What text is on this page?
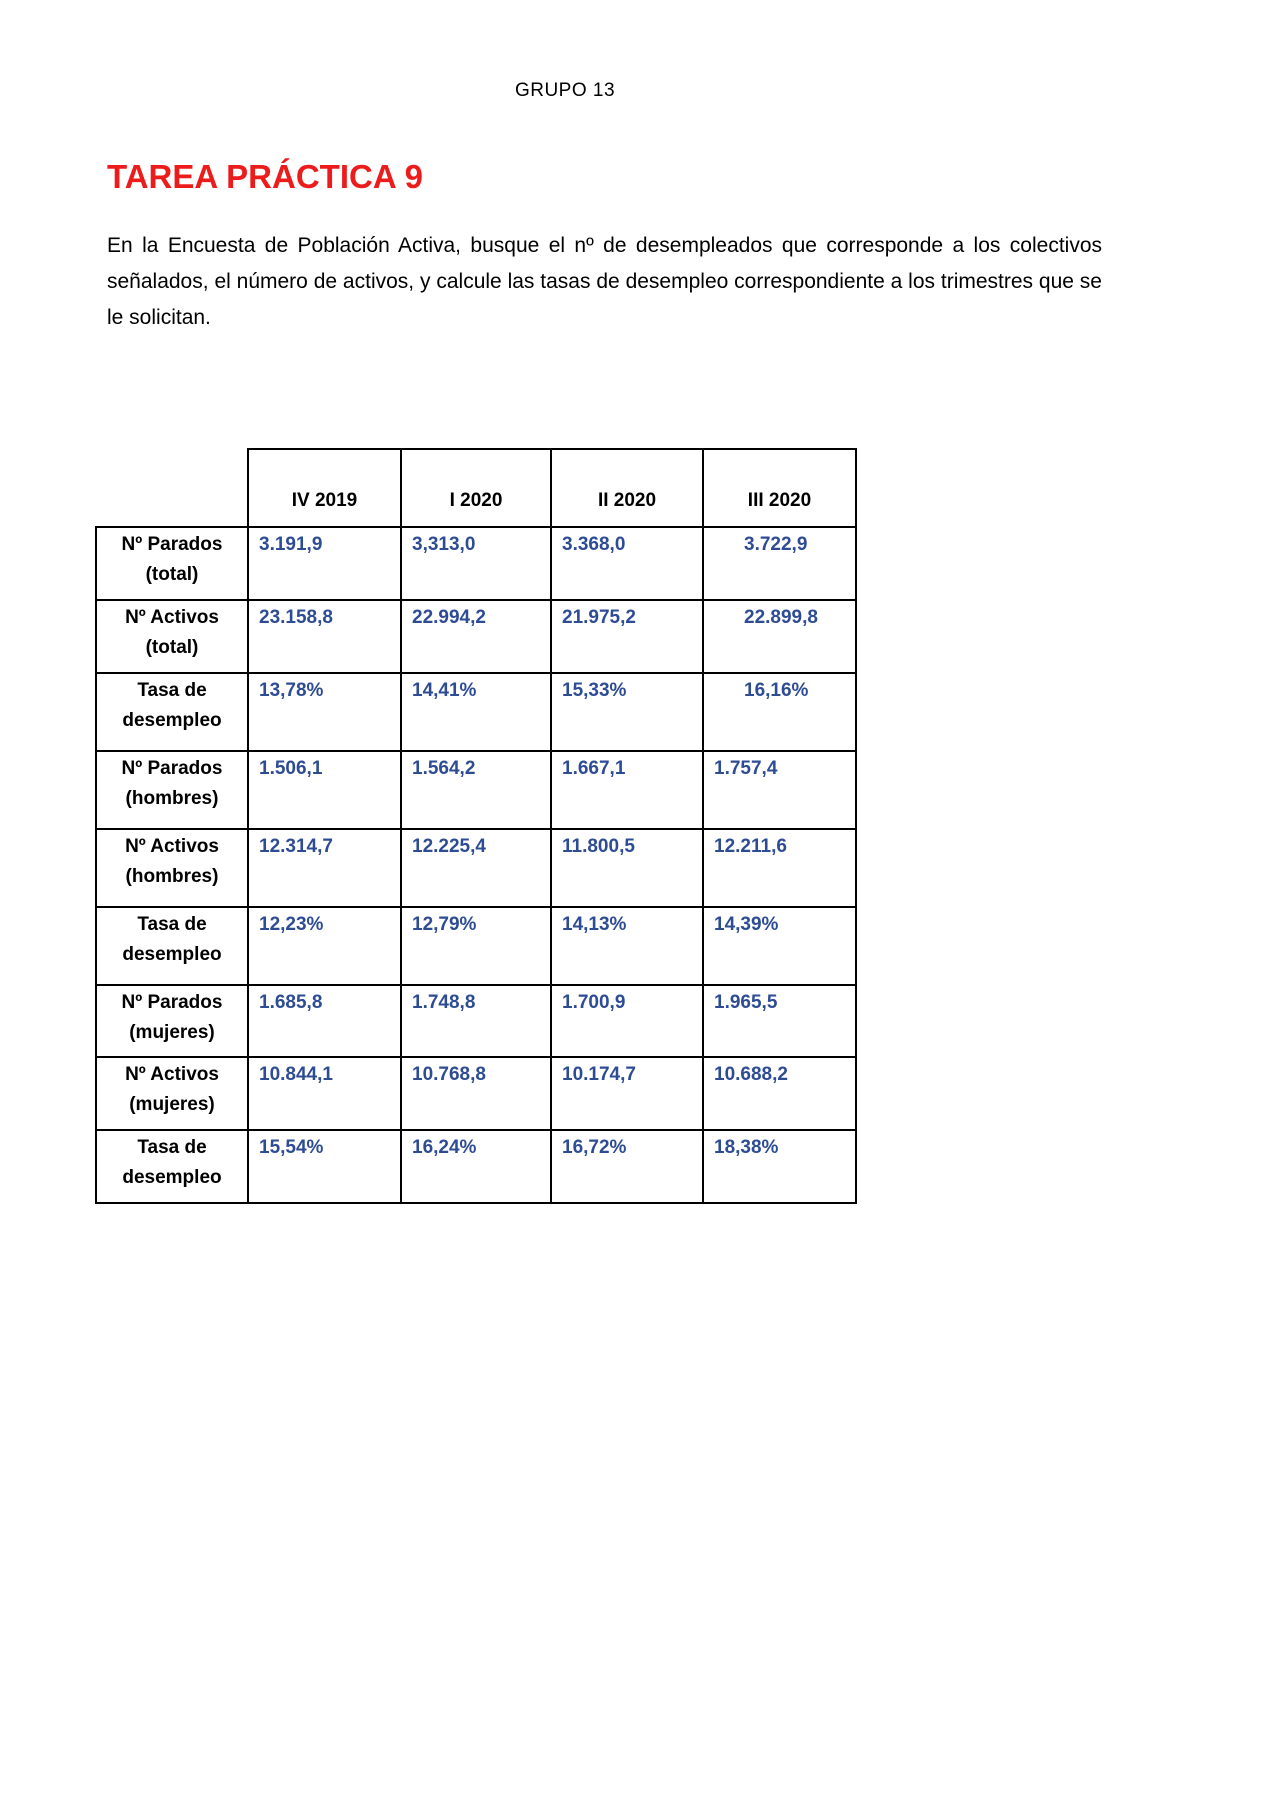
GRUPO 13
TAREA PRÁCTICA 9

En la Encuesta de Población Activa, busque el nº de desempleados que corresponde a los colectivos señalados, el número de activos, y calcule las tasas de desempleo correspondiente a los trimestres que se le solicitan.

	IV 2019	I 2020	II 2020	III 2020

Nº Parados
(total)	3.191,9	3,313,0	3.368,0	3.722,9

Nº Activos
(total)	23.158,8	22.994,2	21.975,2	22.899,8

Tasa de
desempleo	13,78%	14,41%	15,33%	16,16%

Nº Parados
(hombres)	1.506,1	1.564,2	1.667,1	1.757,4

Nº Activos
(hombres)	12.314,7	12.225,4	11.800,5	12.211,6

Tasa de
desempleo	12,23%	12,79%	14,13%	14,39%

Nº Parados
(mujeres)	1.685,8	1.748,8	1.700,9	1.965,5

Nº Activos
(mujeres)	10.844,1	10.768,8	10.174,7	10.688,2

Tasa de
desempleo	15,54%	16,24%	16,72%	18,38%
